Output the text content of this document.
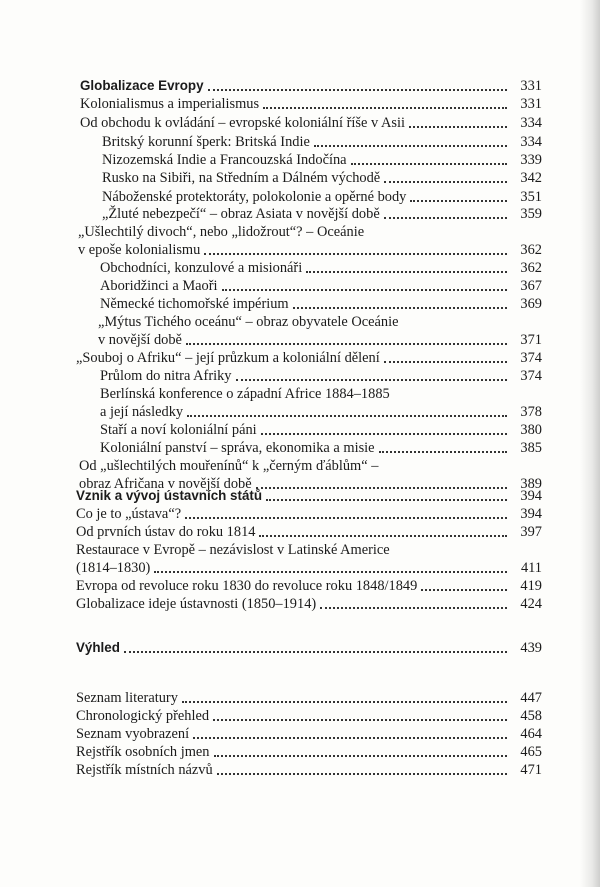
Globalizace Evropy	331
Kolonialismus a imperialismus	331
Od obchodu k ovládání – evropské koloniální říše v Asii	334
Britský korunní šperk: Britská Indie	334
Nizozemská Indie a Francouzská Indočína	339
Rusko na Sibiři, na Středním a Dálném východě	342
Náboženské protektoráty, polokolonie a opěrné body	351
„Žluté nebezpečí“ – obraz Asiata v novější době	359
„Ušlechtilý divoch“, nebo „lidožrout“? – Oceánie
v epoše kolonialismu	362
Obchodníci, konzulové a misionáři	362
Aboridžinci a Maoři	367
Německé tichomořské impérium	369
„Mýtus Tichého oceánu“ – obraz obyvatele Oceánie
v novější době	371
„Souboj o Afriku“ – její průzkum a koloniální dělení	374
Průlom do nitra Afriky	374
Berlínská konference o západní Africe 1884–1885
a její následky	378
Staří a noví koloniální páni	380
Koloniální panství – správa, ekonomika a misie	385
Od „ušlechtilých mouřenínů“ k „černým ďáblům“ –
obraz Afričana v novější době	389
Vznik a vývoj ústavních států	394
Co je to „ústava“?	394
Od prvních ústav do roku 1814	397
Restaurace v Evropě – nezávislost v Latinské Americe
(1814–1830)	411
Evropa od revoluce roku 1830 do revoluce roku 1848/1849	419
Globalizace ideje ústavnosti (1850–1914)	424
Výhled	439
Seznam literatury	447
Chronologický přehled	458
Seznam vyobrazení	464
Rejstřík osobních jmen	465
Rejstřík místních názvů	471
